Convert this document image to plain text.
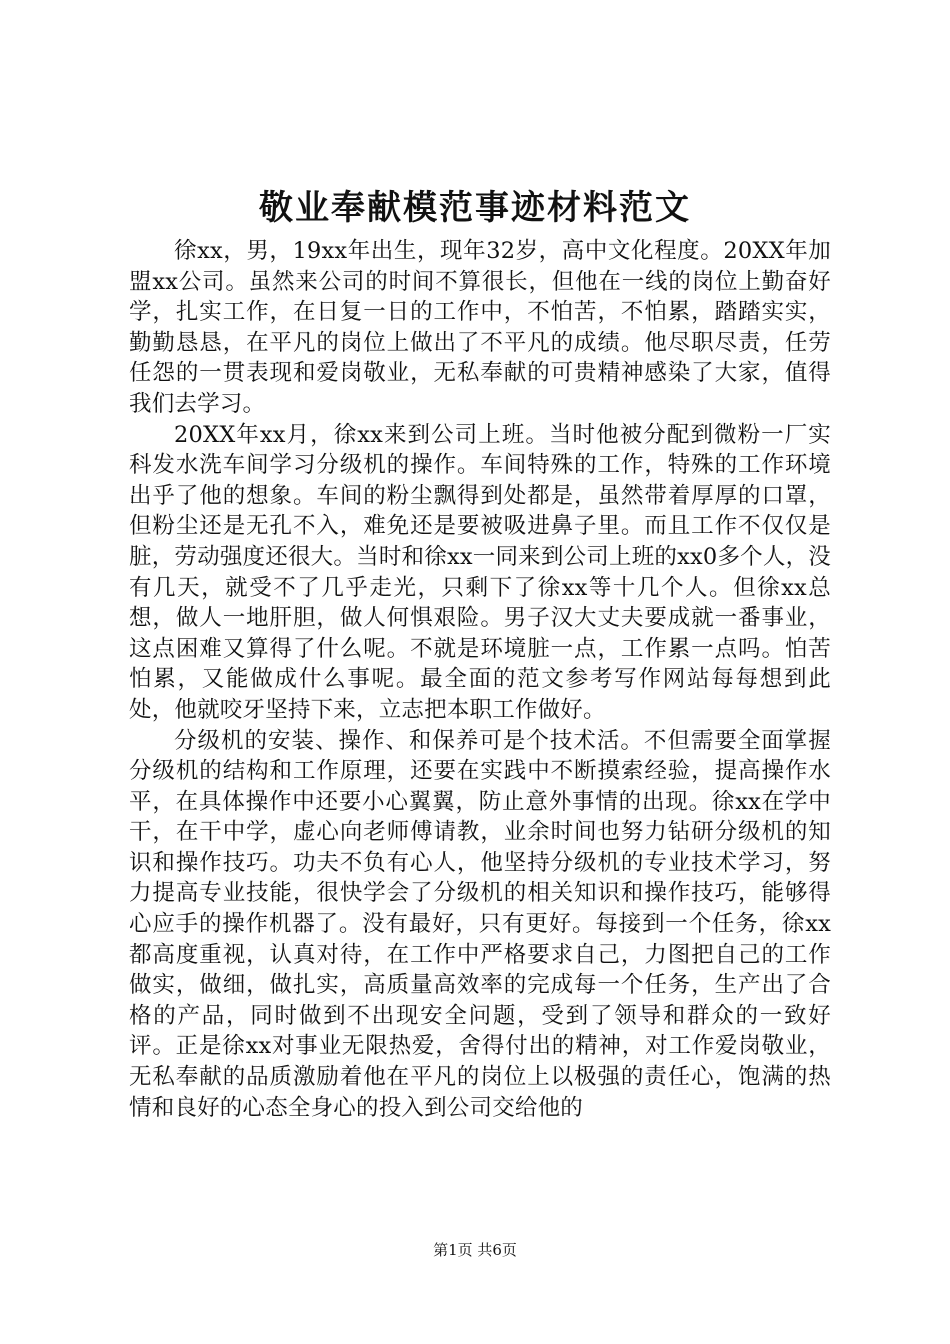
敬业奉献模范事迹材料范文

徐xx，男，19xx年出生，现年32岁，高中文化程度。20XX年加盟xx公司。虽然来公司的时间不算很长，但他在一线的岗位上勤奋好学，扎实工作，在日复一日的工作中，不怕苦，不怕累，踏踏实实，勤勤恳恳，在平凡的岗位上做出了不平凡的成绩。他尽职尽责，任劳任怨的一贯表现和爱岗敬业，无私奉献的可贵精神感染了大家，值得我们去学习。

20XX年xx月，徐xx来到公司上班。当时他被分配到微粉一厂实科发水洗车间学习分级机的操作。车间特殊的工作，特殊的工作环境出乎了他的想象。车间的粉尘飘得到处都是，虽然带着厚厚的口罩，但粉尘还是无孔不入，难免还是要被吸进鼻子里。而且工作不仅仅是脏，劳动强度还很大。当时和徐xx一同来到公司上班的xx0多个人，没有几天，就受不了几乎走光，只剩下了徐xx等十几个人。但徐xx总想，做人一地肝胆，做人何惧艰险。男子汉大丈夫要成就一番事业，这点困难又算得了什么呢。不就是环境脏一点，工作累一点吗。怕苦怕累，又能做成什么事呢。最全面的范文参考写作网站每每想到此处，他就咬牙坚持下来，立志把本职工作做好。

分级机的安装、操作、和保养可是个技术活。不但需要全面掌握分级机的结构和工作原理，还要在实践中不断摸索经验，提高操作水平，在具体操作中还要小心翼翼，防止意外事情的出现。徐xx在学中干，在干中学，虚心向老师傅请教，业余时间也努力钻研分级机的知识和操作技巧。功夫不负有心人，他坚持分级机的专业技术学习，努力提高专业技能，很快学会了分级机的相关知识和操作技巧，能够得心应手的操作机器了。没有最好，只有更好。每接到一个任务，徐xx都高度重视，认真对待，在工作中严格要求自己，力图把自己的工作做实，做细，做扎实，高质量高效率的完成每一个任务，生产出了合格的产品，同时做到不出现安全问题，受到了领导和群众的一致好评。正是徐xx对事业无限热爱，舍得付出的精神，对工作爱岗敬业，无私奉献的品质激励着他在平凡的岗位上以极强的责任心，饱满的热情和良好的心态全身心的投入到公司交给他的

第1页 共6页
